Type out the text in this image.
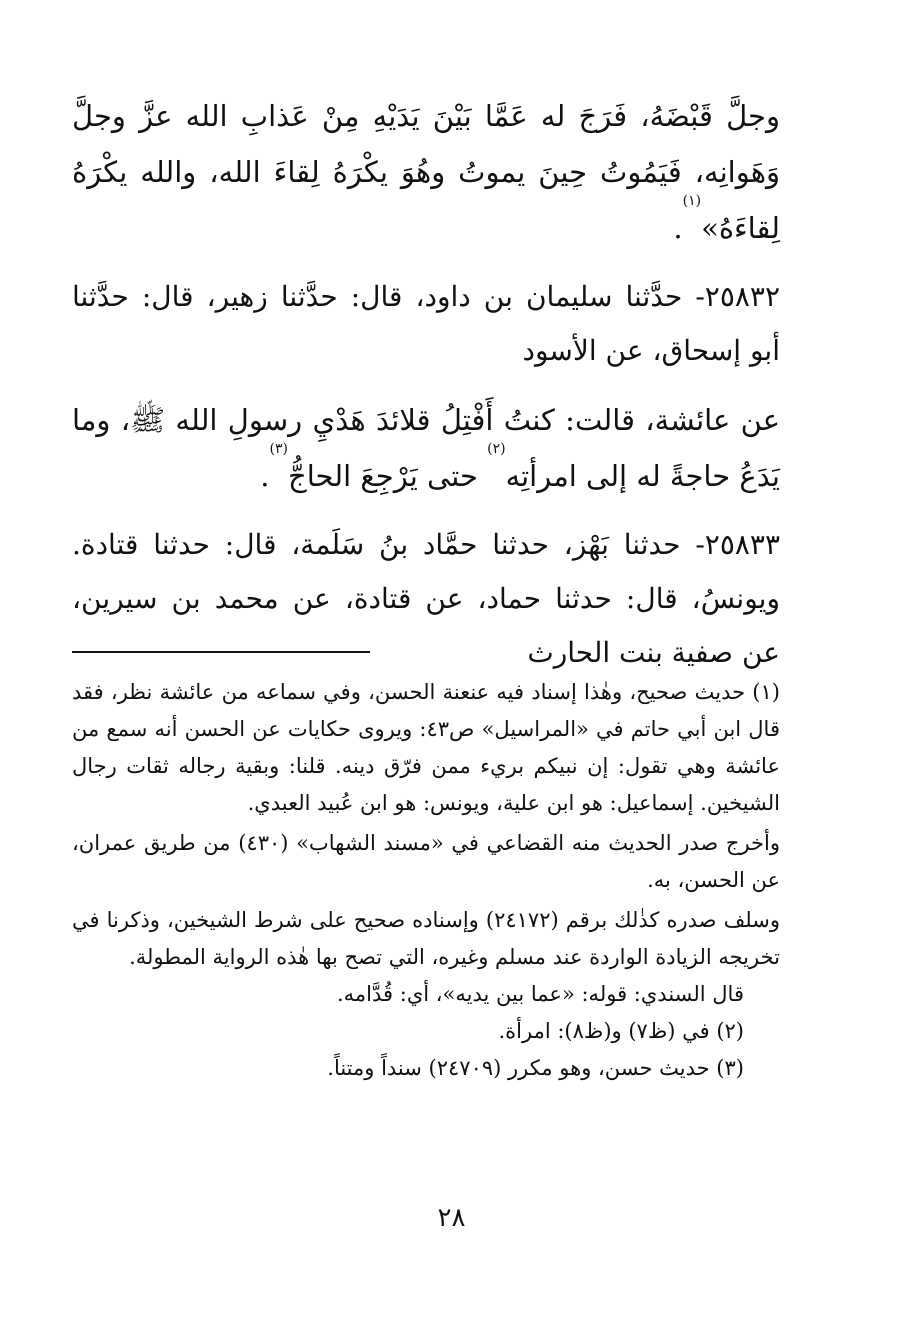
وجلَّ قَبْضَهُ، فَرَجَ له عَمَّا بَيْنَ يَدَيْهِ مِنْ عَذابِ الله عزَّ وجلَّ وَهَوانِه، فَيَمُوتُ حِينَ يموتُ وهُوَ يكْرَهُ لِقاءَ الله، والله يكْرَهُ لِقاءَهُ»$^{(١)}$.

٢٥٨٣٢- حدَّثنا سليمان بن داود، قال: حدَّثنا زهير، قال: حدَّثنا أبو إسحاق، عن الأسود

عن عائشة، قالت: كنتُ أَفْتِلُ قلائدَ هَدْيِ رسولِ الله ﷺ، وما يَدَعُ حاجةً له إلى امرأتِه$^{(٢)}$ حتى يَرْجِعَ الحاجُّ$^{(٣)}$.

٢٥٨٣٣- حدثنا بَهْز، حدثنا حمَّاد بنُ سَلَمة، قال: حدثنا قتادة. ويونسُ، قال: حدثنا حماد، عن قتادة، عن محمد بن سيرين، عن صفية بنت الحارث

(١) حديث صحيح، وهٰذا إسناد فيه عنعنة الحسن، وفي سماعه من عائشة نظر، فقد قال ابن أبي حاتم في «المراسيل» ص٤٣: ويروى حكايات عن الحسن أنه سمع من عائشة وهي تقول: إن نبيكم بريء ممن فرّق دينه. قلنا: وبقية رجاله ثقات رجال الشيخين. إسماعيل: هو ابن علية، ويونس: هو ابن عُبيد العبدي.

وأخرج صدر الحديث منه القضاعي في «مسند الشهاب» (٤٣٠) من طريق عمران، عن الحسن، به.

وسلف صدره كذٰلك برقم (٢٤١٧٢) وإسناده صحيح على شرط الشيخين، وذكرنا في تخريجه الزيادة الواردة عند مسلم وغيره، التي تصح بها هٰذه الرواية المطولة.

قال السندي: قوله: «عما بين يديه»، أي: قُدَّامه.

(٢) في (ظ٧) و(ظ٨): امرأة.

(٣) حديث حسن، وهو مكرر (٢٤٧٠٩) سنداً ومتناً.

٢٨
